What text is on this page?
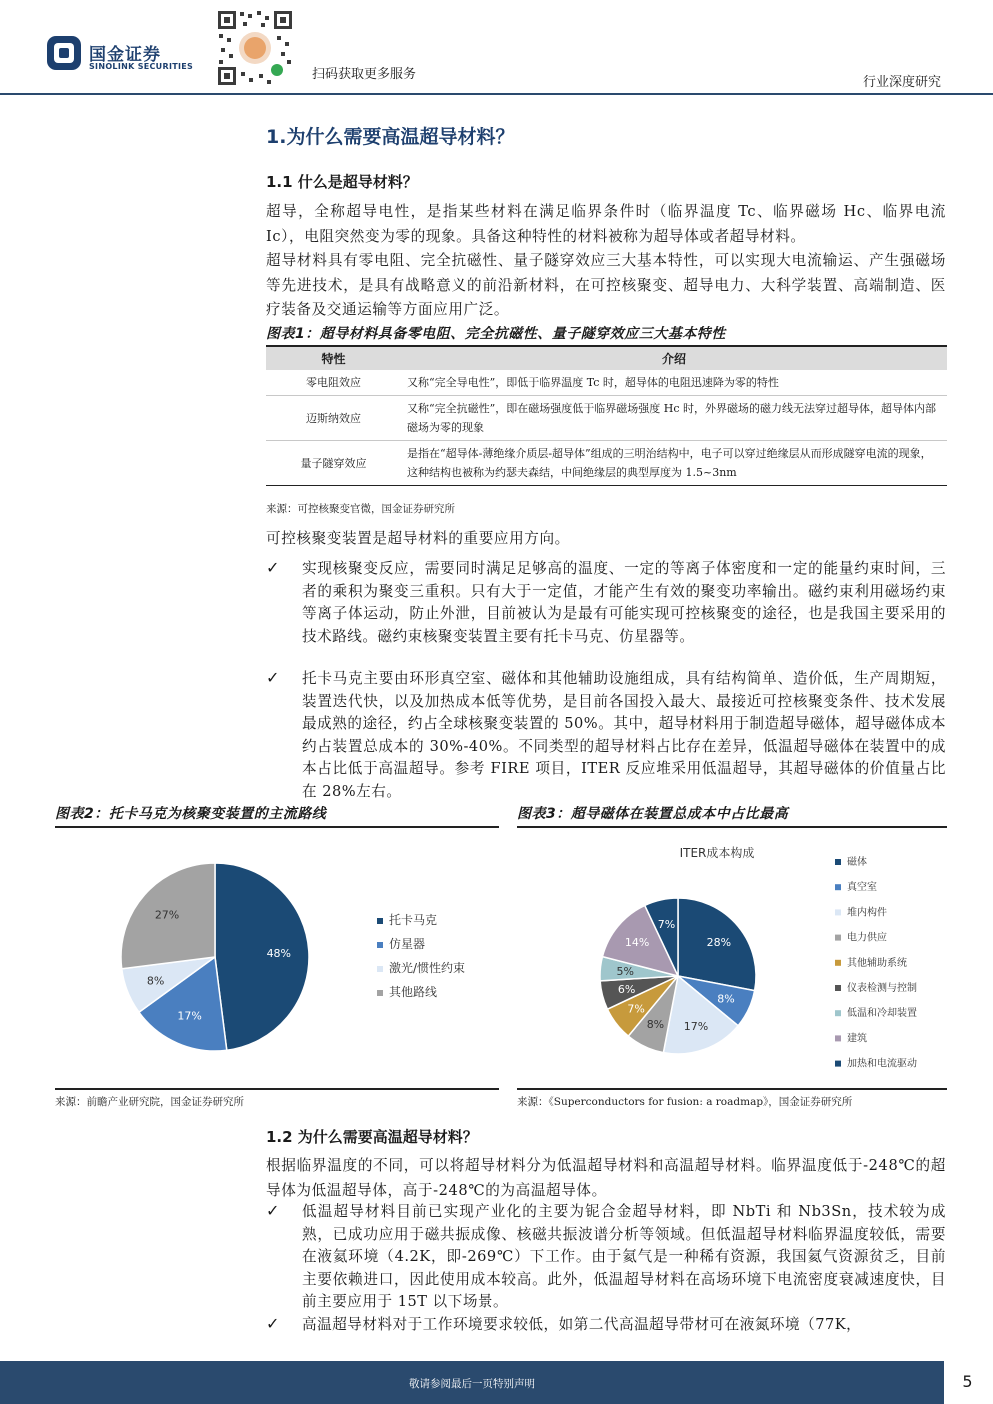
国金证券
SINOLINK SECURITIES
扫码获取更多服务
行业深度研究
1.为什么需要高温超导材料？
1.1 什么是超导材料？
超导，全称超导电性，是指某些材料在满足临界条件时（临界温度 Tc、临界磁场 Hc、临界电流 Ic），电阻突然变为零的现象。具备这种特性的材料被称为超导体或者超导材料。
超导材料具有零电阻、完全抗磁性、量子隧穿效应三大基本特性，可以实现大电流输运、产生强磁场等先进技术，是具有战略意义的前沿新材料，在可控核聚变、超导电力、大科学装置、高端制造、医疗装备及交通运输等方面应用广泛。
图表1：超导材料具备零电阻、完全抗磁性、量子隧穿效应三大基本特性
特性	介绍
零电阻效应	又称“完全导电性”，即低于临界温度 Tc 时，超导体的电阻迅速降为零的特性
迈斯纳效应	又称“完全抗磁性”，即在磁场强度低于临界磁场强度 Hc 时，外界磁场的磁力线无法穿过超导体，超导体内部磁场为零的现象
量子隧穿效应	是指在“超导体-薄绝缘介质层-超导体”组成的三明治结构中，电子可以穿过绝缘层从而形成隧穿电流的现象，这种结构也被称为约瑟夫森结，中间绝缘层的典型厚度为 1.5~3nm
来源：可控核聚变官微，国金证券研究所
可控核聚变装置是超导材料的重要应用方向。
✓ 实现核聚变反应，需要同时满足足够高的温度、一定的等离子体密度和一定的能量约束时间，三者的乘积为聚变三重积。只有大于一定值，才能产生有效的聚变功率输出。磁约束利用磁场约束等离子体运动，防止外泄，目前被认为是最有可能实现可控核聚变的途径，也是我国主要采用的技术路线。磁约束核聚变装置主要有托卡马克、仿星器等。
✓ 托卡马克主要由环形真空室、磁体和其他辅助设施组成，具有结构简单、造价低，生产周期短，装置迭代快，以及加热成本低等优势，是目前各国投入最大、最接近可控核聚变条件、技术发展最成熟的途径，约占全球核聚变装置的 50%。其中，超导材料用于制造超导磁体，超导磁体成本约占装置总成本的 30%-40%。不同类型的超导材料占比存在差异，低温超导磁体在装置中的成本占比低于高温超导。参考 FIRE 项目，ITER 反应堆采用低温超导，其超导磁体的价值量占比在 28%左右。
图表2：托卡马克为核聚变装置的主流路线	图表3：超导磁体在装置总成本中占比最高
48%
17%
8%
27%	托卡马克
仿星器
激光/惯性约束
其他路线
ITER成本构成
28%
8%
17%
8%
7%
6%
5%
14%
7%
磁体
真空室
堆内构件
电力供应
其他辅助系统
仪表检测与控制
低温和冷却装置
建筑
加热和电流驱动
来源：前瞻产业研究院，国金证券研究所	来源：《Superconductors for fusion: a roadmap》，国金证券研究所
1.2 为什么需要高温超导材料？
根据临界温度的不同，可以将超导材料分为低温超导材料和高温超导材料。临界温度低于-248℃的超导体为低温超导体，高于-248℃的为高温超导体。
✓ 低温超导材料目前已实现产业化的主要为铌合金超导材料，即 NbTi 和 Nb3Sn，技术较为成熟，已成功应用于磁共振成像、核磁共振波谱分析等领域。但低温超导材料临界温度较低，需要在液氦环境（4.2K，即-269℃）下工作。由于氦气是一种稀有资源，我国氦气资源贫乏，目前主要依赖进口，因此使用成本较高。此外，低温超导材料在高场环境下电流密度衰减速度快，目前主要应用于 15T 以下场景。
✓ 高温超导材料对于工作环境要求较低，如第二代高温超导带材可在液氮环境（77K，
敬请参阅最后一页特别声明	5
